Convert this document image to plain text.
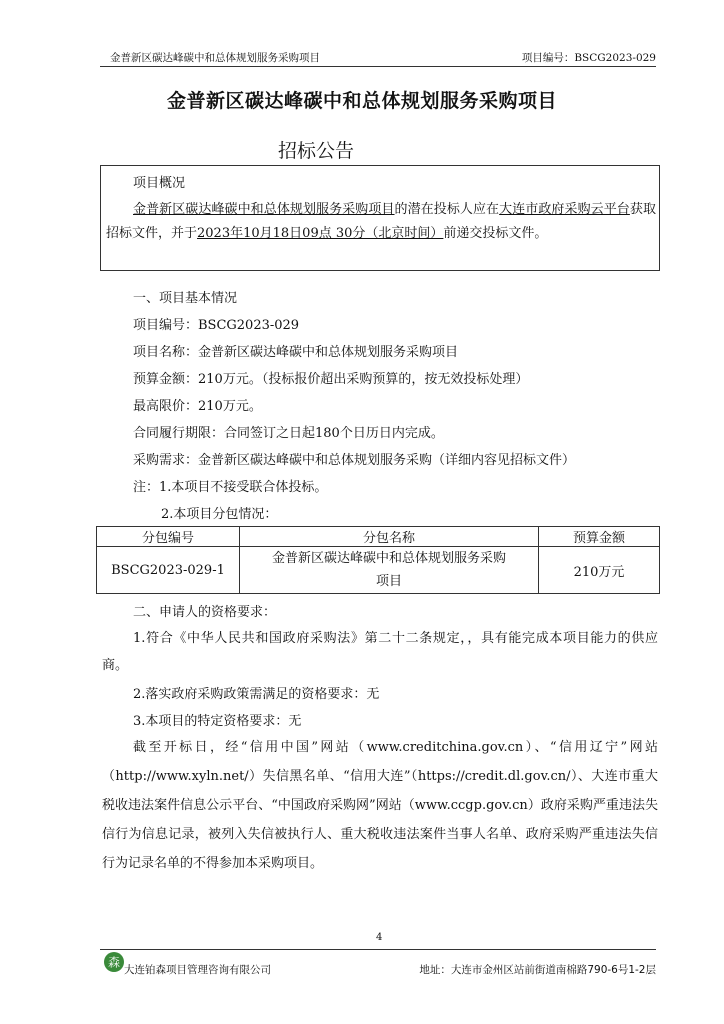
金普新区碳达峰碳中和总体规划服务采购项目	项目编号：BSCG2023-029
金普新区碳达峰碳中和总体规划服务采购项目
招标公告
项目概况
金普新区碳达峰碳中和总体规划服务采购项目的潜在投标人应在大连市政府采购云平台获取招标文件，并于2023年10月18日09点 30分（北京时间）前递交投标文件。
一、项目基本情况
项目编号：BSCG2023-029
项目名称：金普新区碳达峰碳中和总体规划服务采购项目
预算金额：210万元。（投标报价超出采购预算的，按无效投标处理）
最高限价：210万元。
合同履行期限：合同签订之日起180个日历日内完成。
采购需求：金普新区碳达峰碳中和总体规划服务采购（详细内容见招标文件）
注：1.本项目不接受联合体投标。
2.本项目分包情况：
分包编号	分包名称	预算金额
BSCG2023-029-1	金普新区碳达峰碳中和总体规划服务采购项目	210万元
二、申请人的资格要求：
1.符合《中华人民共和国政府采购法》第二十二条规定，，具有能完成本项目能力的供应商。
2.落实政府采购政策需满足的资格要求：无
3.本项目的特定资格要求：无
截至开标日，经“信用中国”网站（www.creditchina.gov.cn）、“信用辽宁”网站（http://www.xyln.net/）失信黑名单、“信用大连”（https://credit.dl.gov.cn/）、大连市重大税收违法案件信息公示平台、“中国政府采购网”网站（www.ccgp.gov.cn）政府采购严重违法失信行为信息记录，被列入失信被执行人、重大税收违法案件当事人名单、政府采购严重违法失信行为记录名单的不得参加本采购项目。
4
森
大连铂森项目管理咨询有限公司	地址：大连市金州区站前街道南棉路790-6号1-2层
